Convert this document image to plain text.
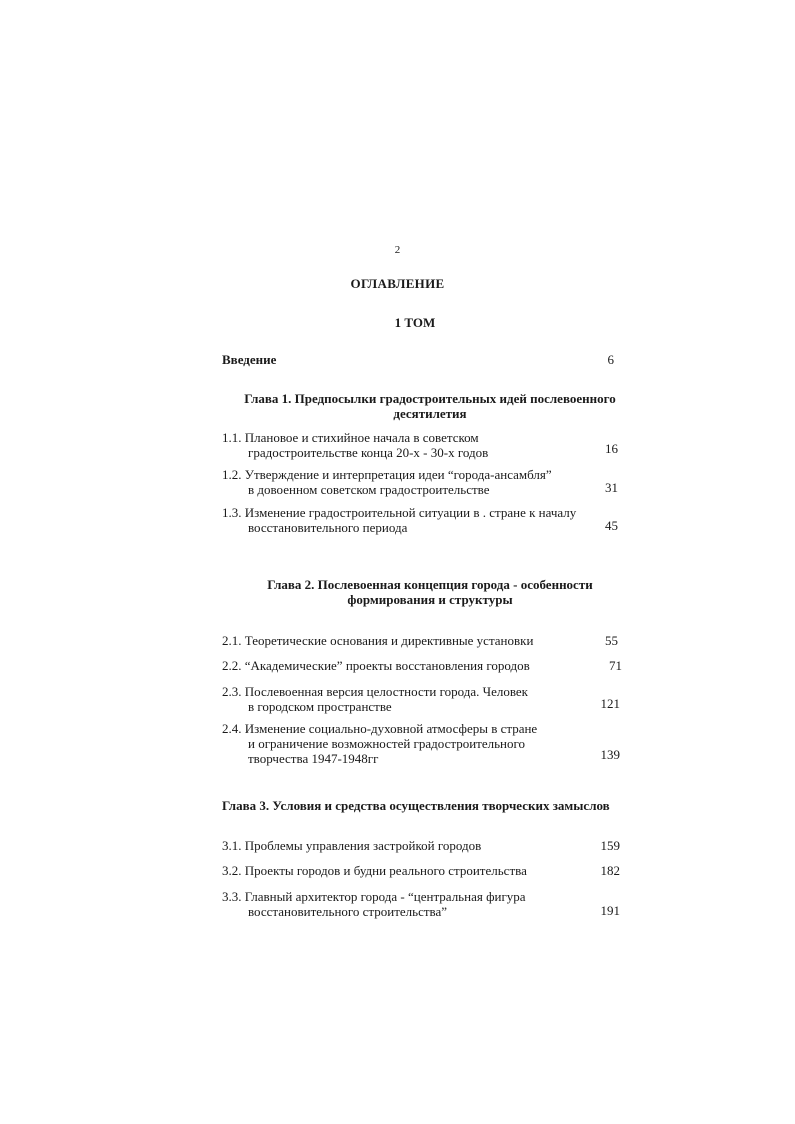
2
ОГЛАВЛЕНИЕ
1 ТОМ
Введение	6
Глава 1. Предпосылки градостроительных идей послевоенного десятилетия
1.1. Плановое и стихийное начала в советском
градостроительстве конца 20-х - 30-х годов	16
1.2. Утверждение и интерпретация идеи “города-ансамбля”
в довоенном советском градостроительстве	31
1.3. Изменение градостроительной ситуации в . стране к началу
восстановительного периода	45
Глава 2. Послевоенная концепция города - особенности формирования и структуры
2.1. Теоретические основания и директивные установки	55
2.2. “Академические” проекты восстановления городов	71
2.3. Послевоенная версия целостности города. Человек
в городском пространстве	121
2.4. Изменение социально-духовной атмосферы в стране
и ограничение возможностей градостроительного
творчества 1947-1948гг	139
Глава 3. Условия и средства осуществления творческих замыслов
3.1. Проблемы управления застройкой городов	159
3.2. Проекты городов и будни реального строительства	182
3.3. Главный архитектор города - “центральная фигура
восстановительного строительства”	191
